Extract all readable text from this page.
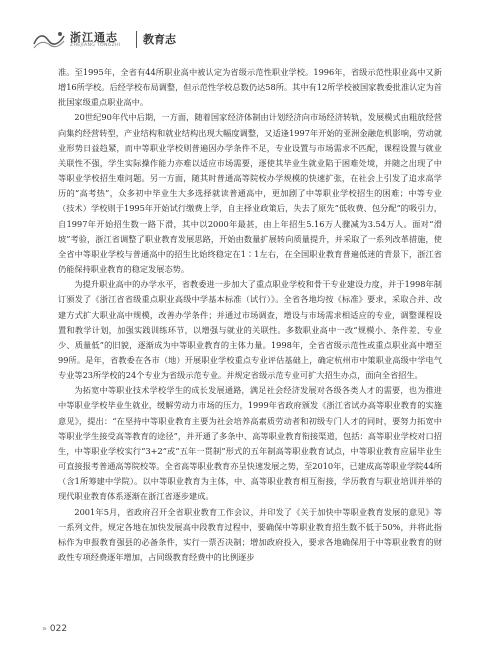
浙江通志
ZHEJIANG TONGZHI 教育志

准。至1995年，全省有44所职业高中被认定为省级示范性职业学校。1996年，省级示范性职业高中又新增16所学校。后经学校布局调整，但示范性学校总数仍达58所。其中有12所学校被国家教委批准认定为首批国家级重点职业高中。

20世纪90年代中后期，一方面，随着国家经济体制由计划经济向市场经济转轨，发展模式由粗放经营向集约经营转型，产业结构和就业结构出现大幅度调整，又适逢1997年开始的亚洲金融危机影响，劳动就业形势日益趋紧，而中等职业学校则普遍因办学条件不足，专业设置与市场需求不匹配，课程设置与就业关联性不强，学生实际操作能力亦难以适应市场需要，逐使其毕业生就业陷于困难处境，并随之出现了中等职业学校招生难问题。另一方面，随其时普通高等院校办学规模的快速扩张，在社会上引发了追求高学历的“高考热”，众多初中毕业生大多选择就读普通高中，更加剧了中等职业学校招生的困难；中等专业（技术）学校则于1995年开始试行缴费上学，自主择业政策后，失去了原先“低收费、包分配”的吸引力，自1997年开始招生数一路下滑，其中以2000年最甚，由上年招生5.16万人骤减为3.54万人。面对“滑坡”考验，浙江省调整了职业教育发展思路，开始由数量扩展转向质量提升，并采取了一系列改革措施，使全省中等职业学校与普通高中的招生比始终稳定在1∶1左右，在全国职业教育普遍低迷的背景下，浙江省仍能保持职业教育的稳定发展态势。

为提升职业高中的办学水平，省教委进一步加大了重点职业学校和骨干专业建设力度，并于1998年制订颁发了《浙江省省级重点职业高级中学基本标准（试行）》。全省各地均按《标准》要求，采取合并、改建方式扩大职业高中规模，改善办学条件；并通过市场调查，增设与市场需求相适应的专业，调整课程设置和教学计划，加强实践训练环节，以增强与就业的关联性。多数职业高中一改“规模小、条件差、专业少、质量低”的旧貌，逐渐成为中等职业教育的主体力量。1998年，全省省级示范性或重点职业高中增至99所。是年，省教委在各市（地）开展职业学校重点专业评估基础上，确定杭州市中策职业高级中学电气专业等23所学校的24个专业为省级示范专业。并规定省级示范专业可扩大招生办点，面向全省招生。

为拓宽中等职业技术学校学生的成长发展通路，满足社会经济发展对各级各类人才的需要，也为推进中等职业学校毕业生就业，缓解劳动力市场的压力，1999年省政府颁发《浙江省试办高等职业教育的实施意见》，提出：“在坚持中等职业教育主要为社会培养高素质劳动者和初级专门人才的同时，要努力拓宽中等职业学生接受高等教育的途径”，并开通了多条中、高等职业教育衔接渠道，包括：高等职业学校对口招生，中等职业学校实行“3+2”或“五年一贯制”形式的五年制高等职业教育试点，中等职业教育应届毕业生可直接报考普通高等院校等。全省高等职业教育亦呈快速发展之势，至2010年，已建成高等职业学院44所（含1所筹建中学院）。以中等职业教育为主体，中、高等职业教育相互衔接，学历教育与职业培训并举的现代职业教育体系逐渐在浙江省逐步建成。

2001年5月，省政府召开全省职业教育工作会议，并印发了《关于加快中等职业教育发展的意见》等一系列文件，规定各地在加快发展高中段教育过程中，要确保中等职业教育招生数不低于50%，并将此指标作为申报教育强县的必备条件，实行一票否决制；增加政府投入，要求各地确保用于中等职业教育的财政性专项经费逐年增加，占同级教育经费中的比例逐步

» 022
